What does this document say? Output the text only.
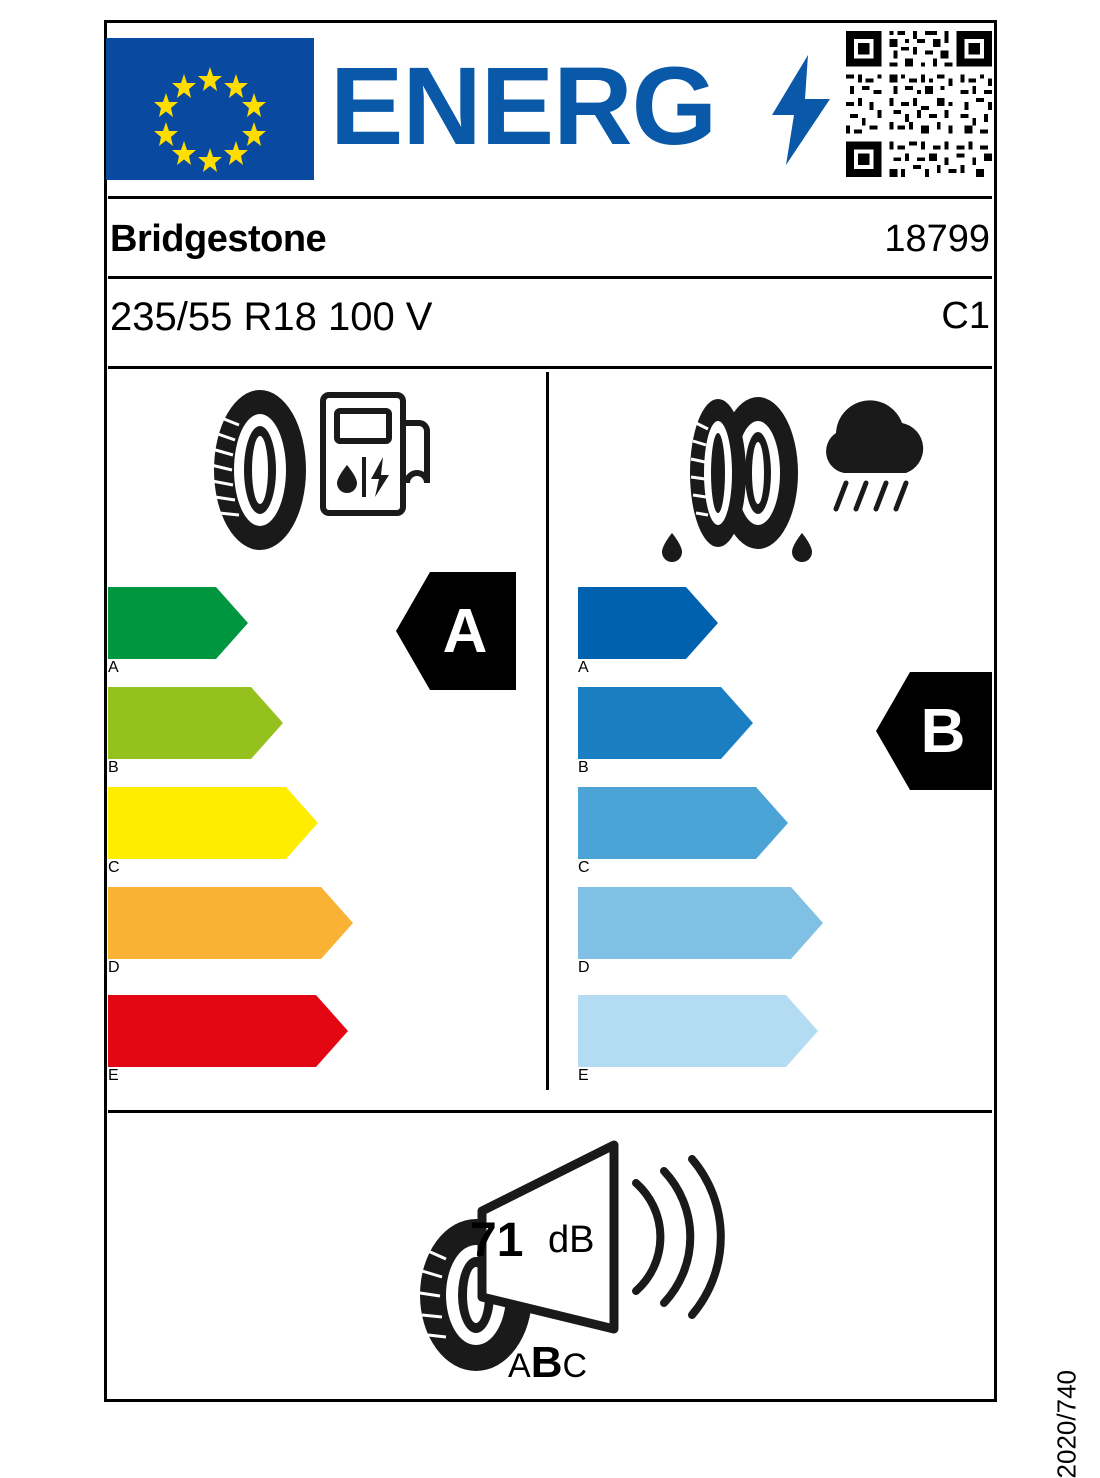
ENERG
Bridgestone	18799
235/55 R18 100 V	C1
A
B
C
D
E
A
A
B
C
D
E
B
71 dB
ABC
2020/740
